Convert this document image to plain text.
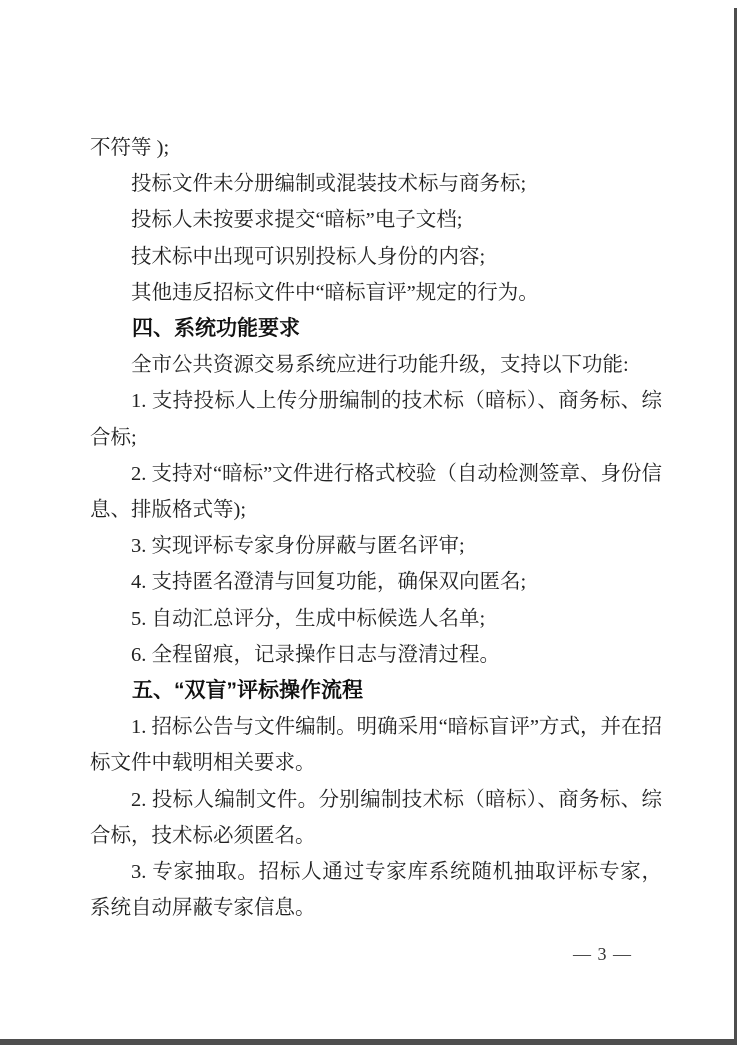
不符等 );

投标文件未分册编制或混装技术标与商务标;

投标人未按要求提交“暗标”电子文档;

技术标中出现可识别投标人身份的内容;

其他违反招标文件中“暗标盲评”规定的行为。

四、系统功能要求

全市公共资源交易系统应进行功能升级，支持以下功能:

1. 支持投标人上传分册编制的技术标（暗标）、商务标、综合标;

2. 支持对“暗标”文件进行格式校验（自动检测签章、身份信息、排版格式等);

3. 实现评标专家身份屏蔽与匿名评审;

4. 支持匿名澄清与回复功能，确保双向匿名;

5. 自动汇总评分，生成中标候选人名单;

6. 全程留痕，记录操作日志与澄清过程。

五、“双盲”评标操作流程

1. 招标公告与文件编制。明确采用“暗标盲评”方式，并在招标文件中载明相关要求。

2. 投标人编制文件。分别编制技术标（暗标）、商务标、综合标，技术标必须匿名。

3. 专家抽取。招标人通过专家库系统随机抽取评标专家，系统自动屏蔽专家信息。

— 3 —
